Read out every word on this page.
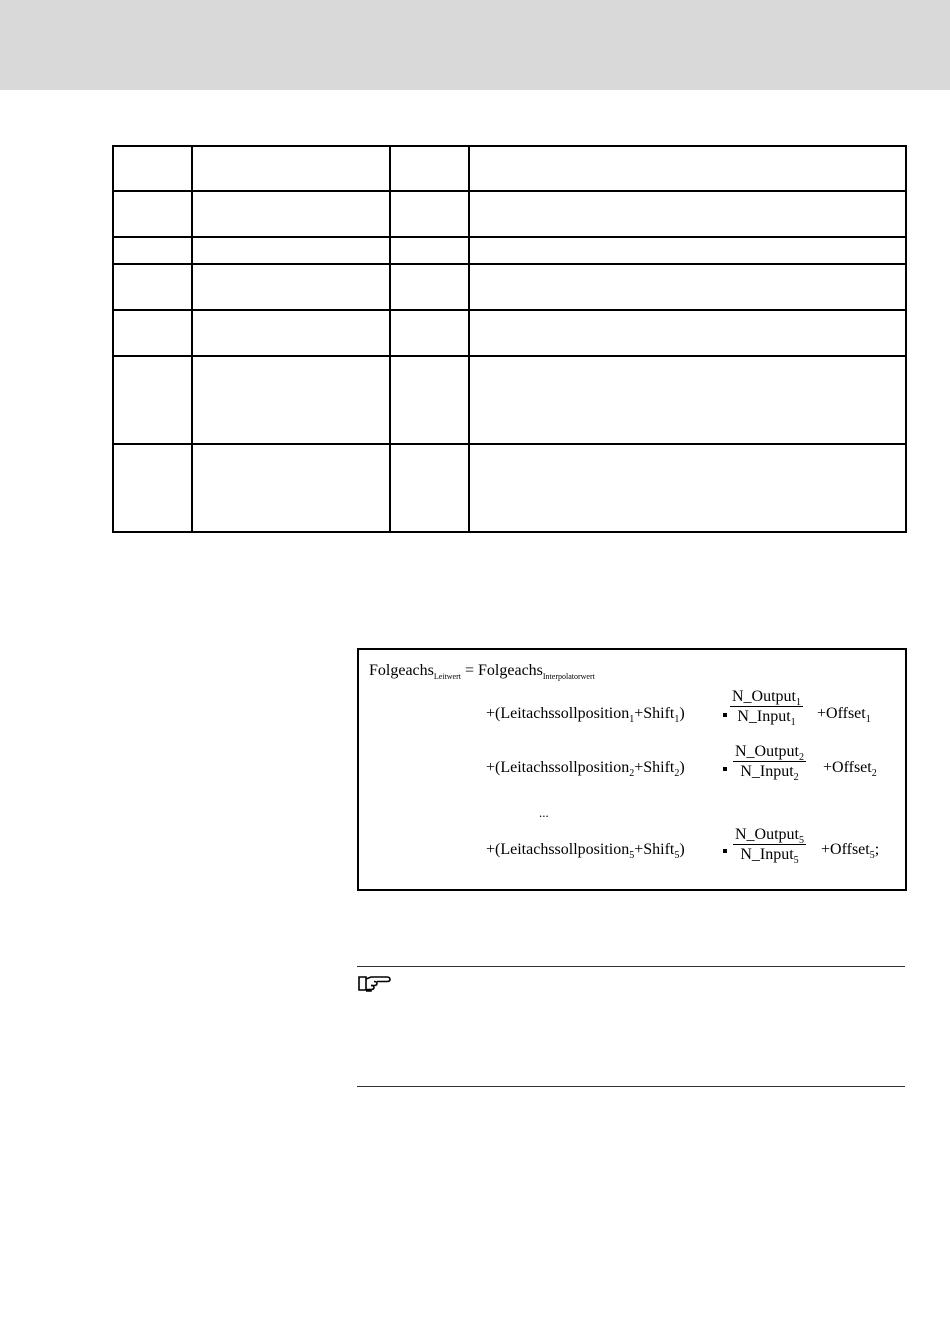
Folgeachs$_{Leitwert}$ = Folgeachs$_{Interpolatorwert}$
+(Leitachssollposition$_1$+Shift$_1$)
N_Output$_1$
N_Input$_1$
+Offset$_1$
+(Leitachssollposition$_2$+Shift$_2$)
N_Output$_2$
N_Input$_2$
+Offset$_2$
...
+(Leitachssollposition$_5$+Shift$_5$)
N_Output$_5$
N_Input$_5$
+Offset$_5$;
